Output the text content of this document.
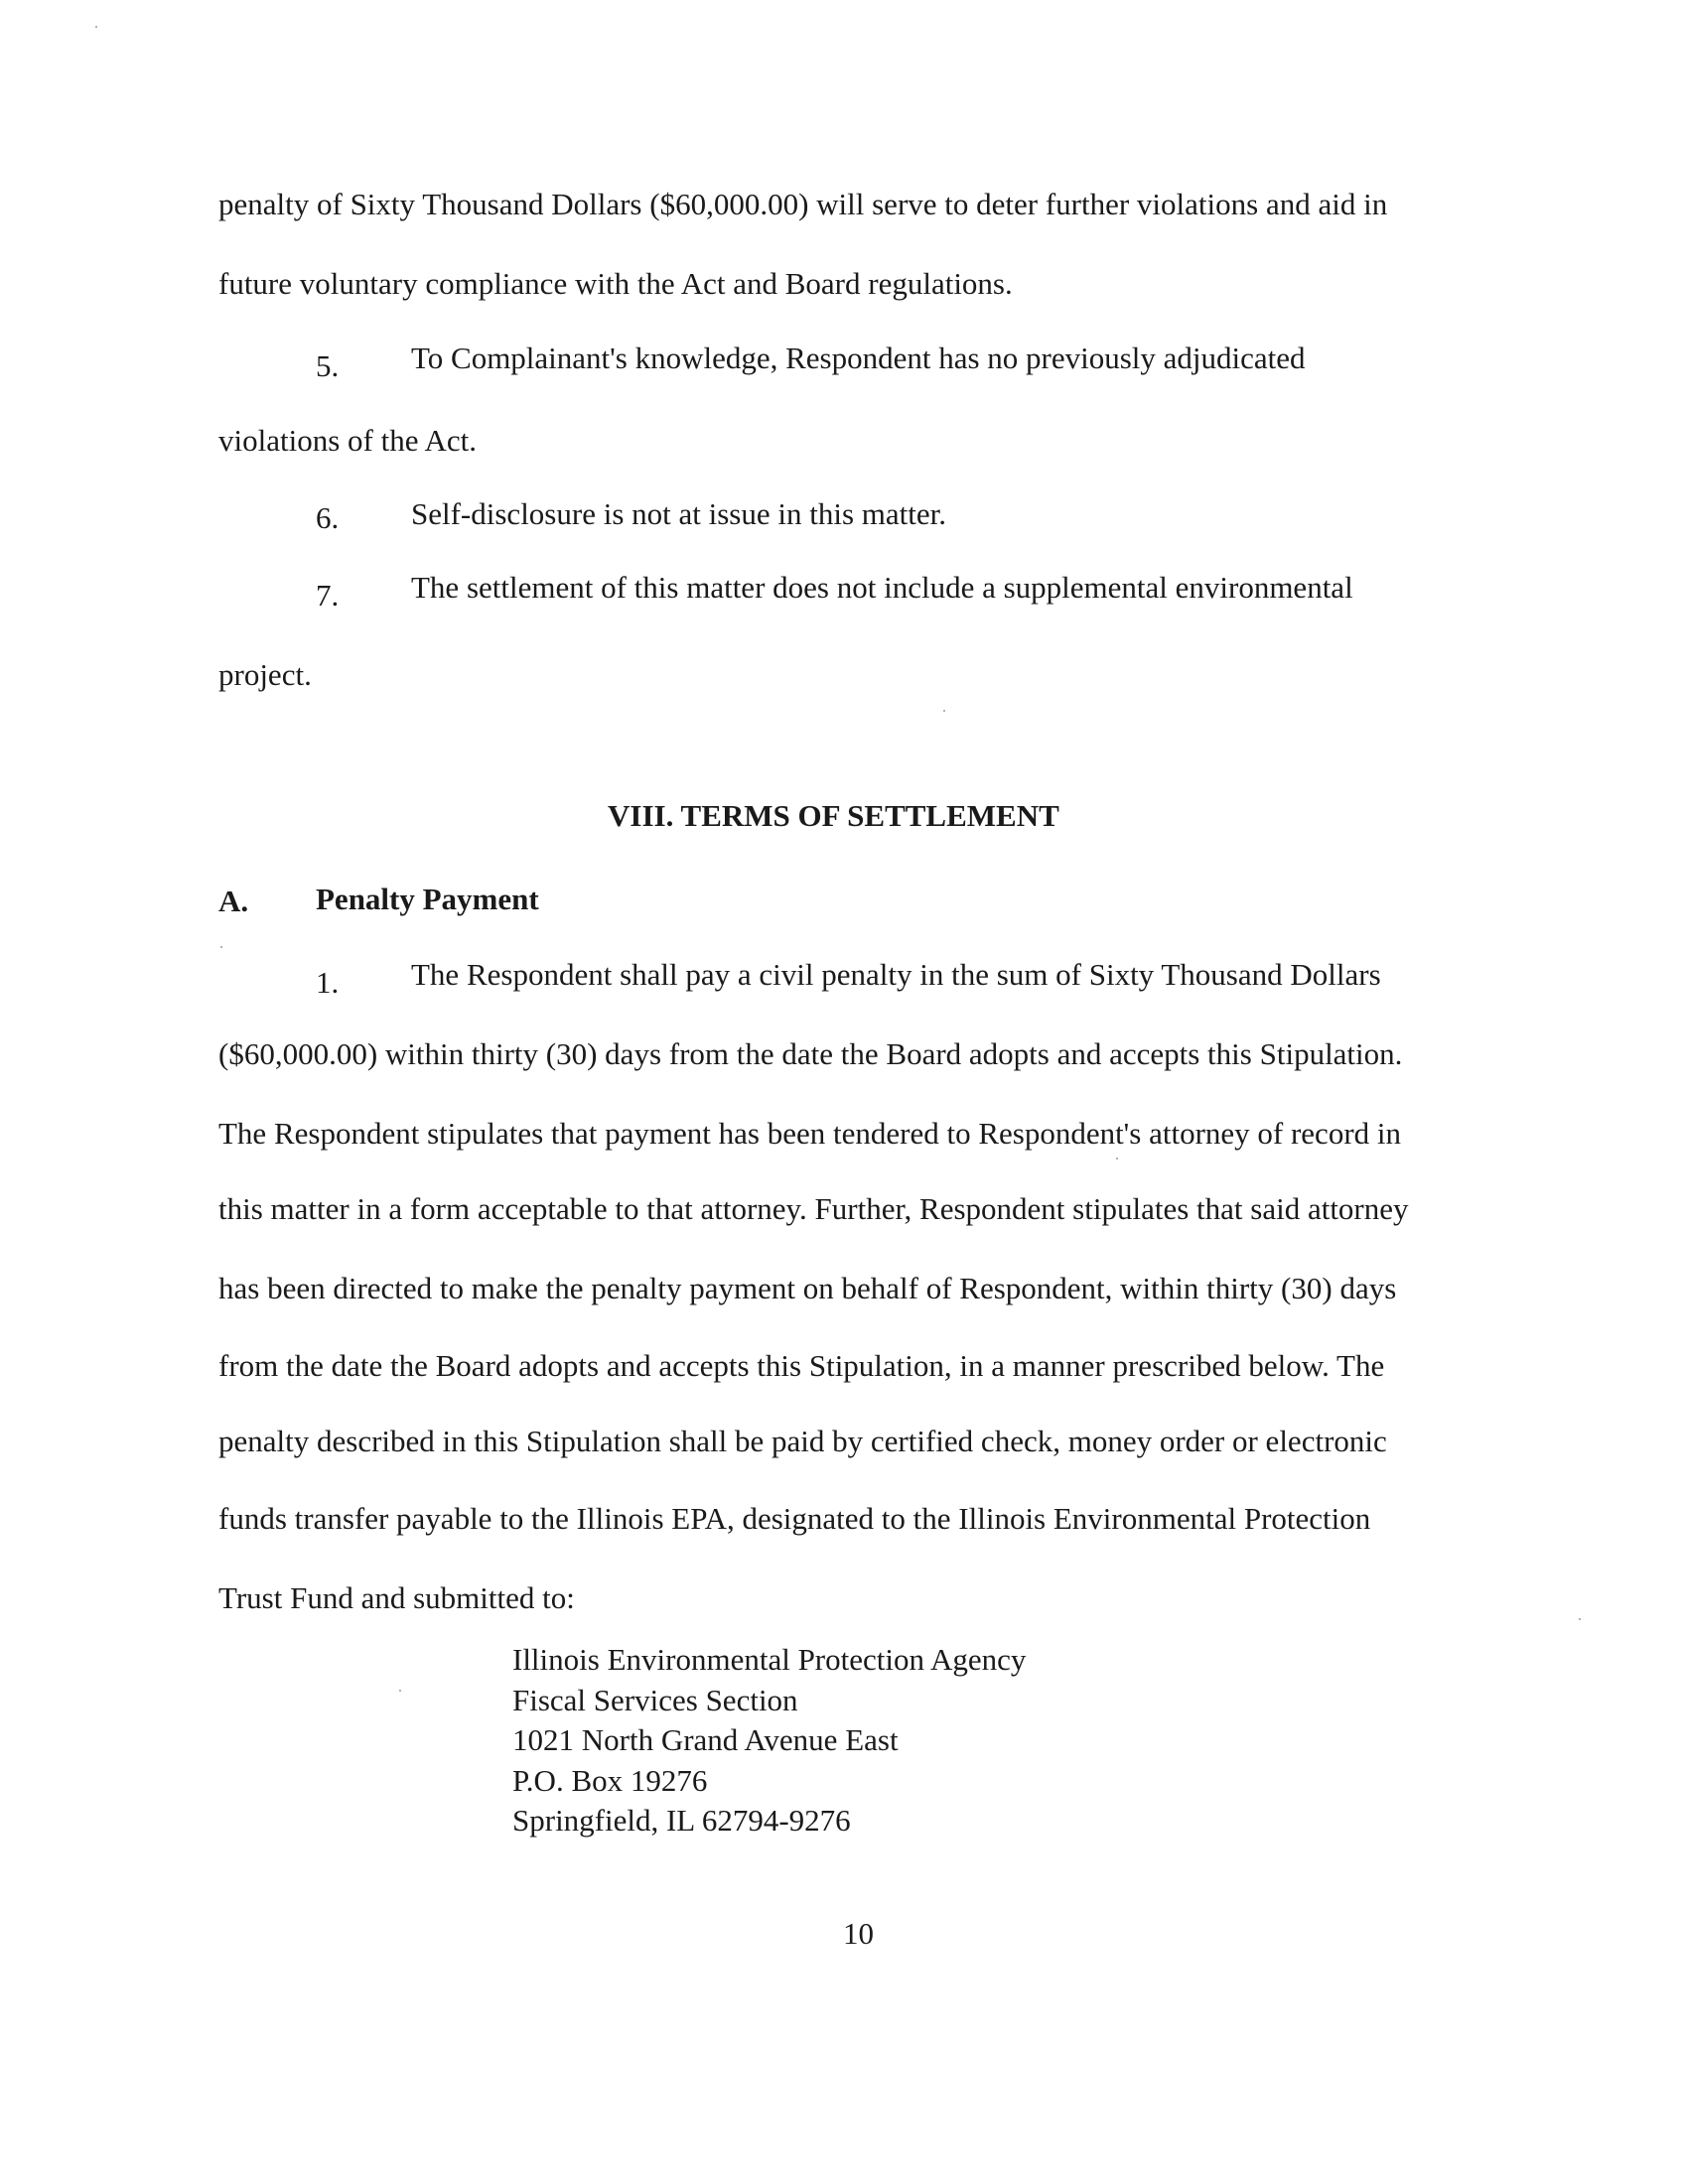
penalty of Sixty Thousand Dollars ($60,000.00) will serve to deter further violations and aid in
future voluntary compliance with the Act and Board regulations.
5. To Complainant's knowledge, Respondent has no previously adjudicated
violations of the Act.
6. Self-disclosure is not at issue in this matter.
7. The settlement of this matter does not include a supplemental environmental
project.
VIII. TERMS OF SETTLEMENT
A. Penalty Payment
1. The Respondent shall pay a civil penalty in the sum of Sixty Thousand Dollars
($60,000.00) within thirty (30) days from the date the Board adopts and accepts this Stipulation.
The Respondent stipulates that payment has been tendered to Respondent's attorney of record in
this matter in a form acceptable to that attorney. Further, Respondent stipulates that said attorney
has been directed to make the penalty payment on behalf of Respondent, within thirty (30) days
from the date the Board adopts and accepts this Stipulation, in a manner prescribed below. The
penalty described in this Stipulation shall be paid by certified check, money order or electronic
funds transfer payable to the Illinois EPA, designated to the Illinois Environmental Protection
Trust Fund and submitted to:
Illinois Environmental Protection Agency
Fiscal Services Section
1021 North Grand Avenue East
P.O. Box 19276
Springfield, IL 62794-9276
10
